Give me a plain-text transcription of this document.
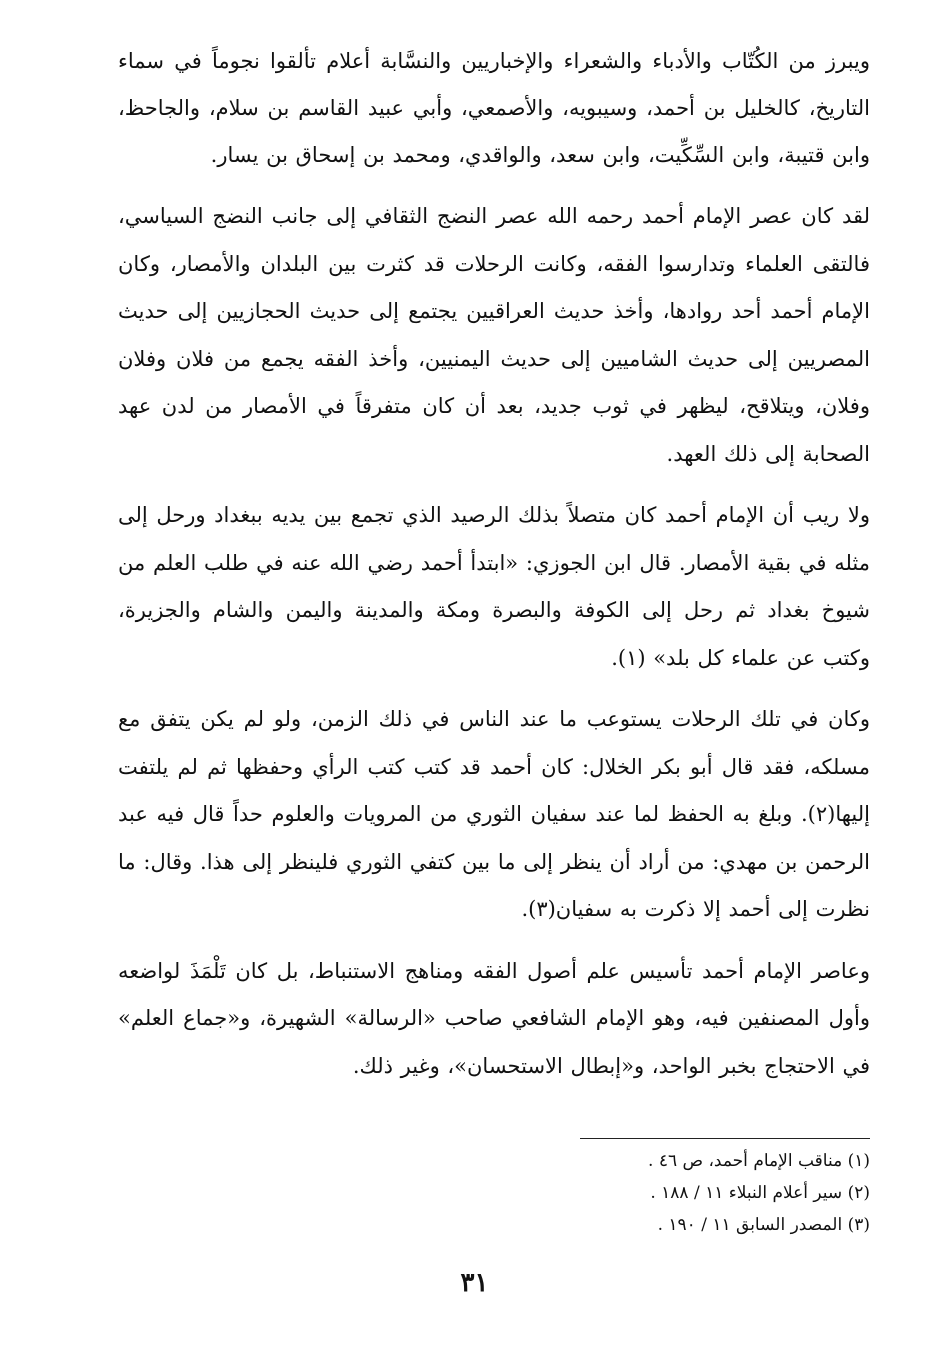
ويبرز من الكُتّاب والأدباء والشعراء والإخباريين والنسَّابة أعلام تألقوا نجوماً في سماء التاريخ، كالخليل بن أحمد، وسيبويه، والأصمعي، وأبي عبيد القاسم بن سلام، والجاحظ، وابن قتيبة، وابن السِّكِّيت، وابن سعد، والواقدي، ومحمد بن إسحاق بن يسار.

لقد كان عصر الإمام أحمد رحمه الله عصر النضج الثقافي إلى جانب النضج السياسي، فالتقى العلماء وتدارسوا الفقه، وكانت الرحلات قد كثرت بين البلدان والأمصار، وكان الإمام أحمد أحد روادها، وأخذ حديث العراقيين يجتمع إلى حديث الحجازيين إلى حديث المصريين إلى حديث الشاميين إلى حديث اليمنيين، وأخذ الفقه يجمع من فلان وفلان وفلان، ويتلاقح، ليظهر في ثوب جديد، بعد أن كان متفرقاً في الأمصار من لدن عهد الصحابة إلى ذلك العهد.

ولا ريب أن الإمام أحمد كان متصلاً بذلك الرصيد الذي تجمع بين يديه ببغداد ورحل إلى مثله في بقية الأمصار. قال ابن الجوزي: «ابتدأ أحمد رضي الله عنه في طلب العلم من شيوخ بغداد ثم رحل إلى الكوفة والبصرة ومكة والمدينة واليمن والشام والجزيرة، وكتب عن علماء كل بلد» (١).

وكان في تلك الرحلات يستوعب ما عند الناس في ذلك الزمن، ولو لم يكن يتفق مع مسلكه، فقد قال أبو بكر الخلال: كان أحمد قد كتب كتب الرأي وحفظها ثم لم يلتفت إليها(٢). وبلغ به الحفظ لما عند سفيان الثوري من المرويات والعلوم حداً قال فيه عبد الرحمن بن مهدي: من أراد أن ينظر إلى ما بين كتفي الثوري فلينظر إلى هذا. وقال: ما نظرت إلى أحمد إلا ذكرت به سفيان(٣).

وعاصر الإمام أحمد تأسيس علم أصول الفقه ومناهج الاستنباط، بل كان تَلْمَذَ لواضعه وأول المصنفين فيه، وهو الإمام الشافعي صاحب «الرسالة» الشهيرة، و«جماع العلم» في الاحتجاج بخبر الواحد، و«إبطال الاستحسان»، وغير ذلك.

(١) مناقب الإمام أحمد، ص ٤٦ .

(٢) سير أعلام النبلاء ١١ / ١٨٨ .

(٣) المصدر السابق ١١ / ١٩٠ .

٣١
